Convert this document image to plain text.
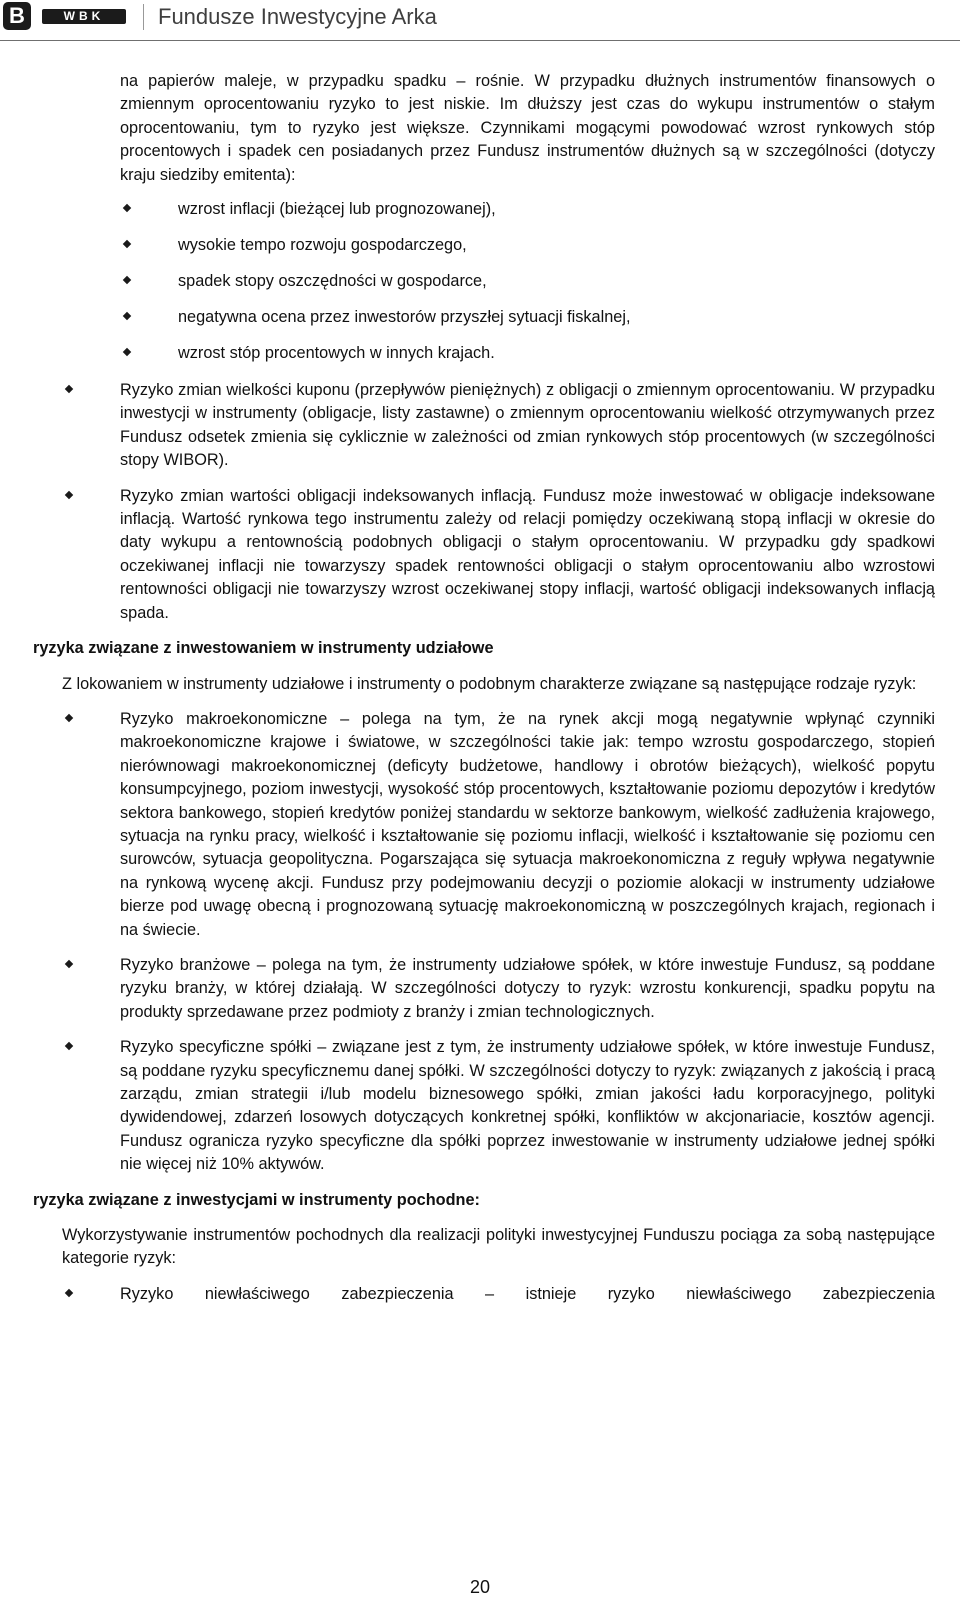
B	WBK	Fundusze Inwestycyjne Arka

na papierów maleje, w przypadku spadku – rośnie. W przypadku dłużnych instrumentów finansowych o zmiennym oprocentowaniu ryzyko to jest niskie. Im dłuższy jest czas do wykupu instrumentów o stałym oprocentowaniu, tym to ryzyko jest większe. Czynnikami mogącymi powodować wzrost rynkowych stóp procentowych i spadek cen posiadanych przez Fundusz instrumentów dłużnych są w szczególności (dotyczy kraju siedziby emitenta):

wzrost inflacji (bieżącej lub prognozowanej),

wysokie tempo rozwoju gospodarczego,

spadek stopy oszczędności w gospodarce,

negatywna ocena przez inwestorów przyszłej sytuacji fiskalnej,

wzrost stóp procentowych w innych krajach.

Ryzyko zmian wielkości kuponu (przepływów pieniężnych) z obligacji o zmiennym oprocentowaniu. W przypadku inwestycji w instrumenty (obligacje, listy zastawne) o zmiennym oprocentowaniu wielkość otrzymywanych przez Fundusz odsetek zmienia się cyklicznie w zależności od zmian rynkowych stóp procentowych (w szczególności stopy WIBOR).

Ryzyko zmian wartości obligacji indeksowanych inflacją. Fundusz może inwestować w obligacje indeksowane inflacją. Wartość rynkowa tego instrumentu zależy od relacji pomiędzy oczekiwaną stopą inflacji w okresie do daty wykupu a rentownością podobnych obligacji o stałym oprocentowaniu. W przypadku gdy spadkowi oczekiwanej inflacji nie towarzyszy spadek rentowności obligacji o stałym oprocentowaniu albo wzrostowi rentowności obligacji nie towarzyszy wzrost oczekiwanej stopy inflacji, wartość obligacji indeksowanych inflacją spada.

ryzyka związane z inwestowaniem w instrumenty udziałowe

Z lokowaniem w instrumenty udziałowe i instrumenty o podobnym charakterze związane są następujące rodzaje ryzyk:

Ryzyko makroekonomiczne – polega na tym, że na rynek akcji mogą negatywnie wpłynąć czynniki makroekonomiczne krajowe i światowe, w szczególności takie jak: tempo wzrostu gospodarczego, stopień nierównowagi makroekonomicznej (deficyty budżetowe, handlowy i obrotów bieżących), wielkość popytu konsumpcyjnego, poziom inwestycji, wysokość stóp procentowych, kształtowanie poziomu depozytów i kredytów sektora bankowego, stopień kredytów poniżej standardu w sektorze bankowym, wielkość zadłużenia krajowego, sytuacja na rynku pracy, wielkość i kształtowanie się poziomu inflacji, wielkość i kształtowanie się poziomu cen surowców, sytuacja geopolityczna. Pogarszająca się sytuacja makroekonomiczna z reguły wpływa negatywnie na rynkową wycenę akcji. Fundusz przy podejmowaniu decyzji o poziomie alokacji w instrumenty udziałowe bierze pod uwagę obecną i prognozowaną sytuację makroekonomiczną w poszczególnych krajach, regionach i na świecie.

Ryzyko branżowe – polega na tym, że instrumenty udziałowe spółek, w które inwestuje Fundusz, są poddane ryzyku branży, w której działają. W szczególności dotyczy to ryzyk: wzrostu konkurencji, spadku popytu na produkty sprzedawane przez podmioty z branży i zmian technologicznych.

Ryzyko specyficzne spółki – związane jest z tym, że instrumenty udziałowe spółek, w które inwestuje Fundusz, są poddane ryzyku specyficznemu danej spółki. W szczególności dotyczy to ryzyk: związanych z jakością i pracą zarządu, zmian strategii i/lub modelu biznesowego spółki, zmian jakości ładu korporacyjnego, polityki dywidendowej, zdarzeń losowych dotyczących konkretnej spółki, konfliktów w akcjonariacie, kosztów agencji. Fundusz ogranicza ryzyko specyficzne dla spółki poprzez inwestowanie w instrumenty udziałowe jednej spółki nie więcej niż 10% aktywów.

ryzyka związane z inwestycjami w instrumenty pochodne:

Wykorzystywanie instrumentów pochodnych dla realizacji polityki inwestycyjnej Funduszu pociąga za sobą następujące kategorie ryzyk:

Ryzyko niewłaściwego zabezpieczenia – istnieje ryzyko niewłaściwego zabezpieczenia

20
